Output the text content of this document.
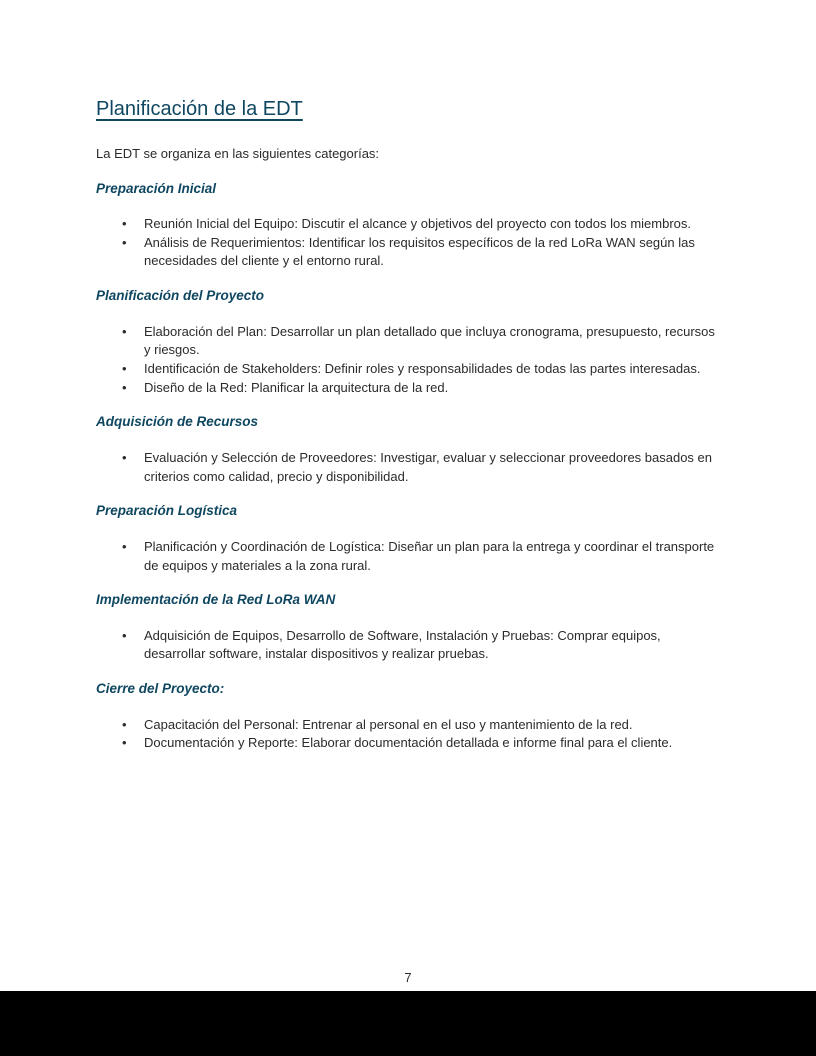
Planificación de la EDT

La EDT se organiza en las siguientes categorías:

Preparación Inicial
• Reunión Inicial del Equipo: Discutir el alcance y objetivos del proyecto con todos los miembros.
• Análisis de Requerimientos: Identificar los requisitos específicos de la red LoRa WAN según las necesidades del cliente y el entorno rural.
Planificación del Proyecto
• Elaboración del Plan: Desarrollar un plan detallado que incluya cronograma, presupuesto, recursos y riesgos.
• Identificación de Stakeholders: Definir roles y responsabilidades de todas las partes interesadas.
• Diseño de la Red: Planificar la arquitectura de la red.
Adquisición de Recursos
• Evaluación y Selección de Proveedores: Investigar, evaluar y seleccionar proveedores basados en criterios como calidad, precio y disponibilidad.
Preparación Logística
• Planificación y Coordinación de Logística: Diseñar un plan para la entrega y coordinar el transporte de equipos y materiales a la zona rural.
Implementación de la Red LoRa WAN
• Adquisición de Equipos, Desarrollo de Software, Instalación y Pruebas: Comprar equipos, desarrollar software, instalar dispositivos y realizar pruebas.
Cierre del Proyecto:
• Capacitación del Personal: Entrenar al personal en el uso y mantenimiento de la red.
• Documentación y Reporte: Elaborar documentación detallada e informe final para el cliente.
7
